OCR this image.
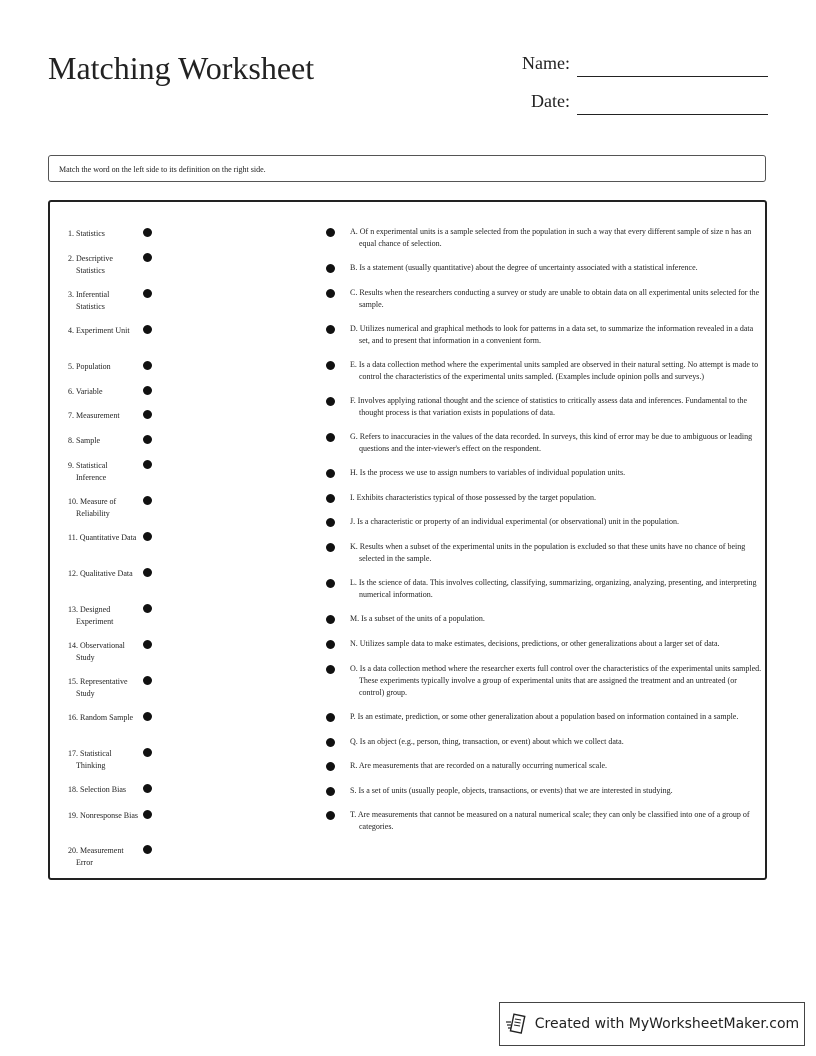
Matching Worksheet	Name:
Date:
Match the word on the left side to its definition on the right side.
1. Statistics
2. Descriptive Statistics
3. Inferential Statistics
4. Experiment Unit
5. Population
6. Variable
7. Measurement
8. Sample
9. Statistical Inference
10. Measure of Reliability
11. Quantitative Data
12. Qualitative Data
13. Designed Experiment
14. Observational Study
15. Representative Study
16. Random Sample
17. Statistical Thinking
18. Selection Bias
19. Nonresponse Bias
20. Measurement Error
A. Of n experimental units is a sample selected from the population in such a way that every different sample of size n has an equal chance of selection.
B. Is a statement (usually quantitative) about the degree of uncertainty associated with a statistical inference.
C. Results when the researchers conducting a survey or study are unable to obtain data on all experimental units selected for the sample.
D. Utilizes numerical and graphical methods to look for patterns in a data set, to summarize the information revealed in a data set, and to present that information in a convenient form.
E. Is a data collection method where the experimental units sampled are observed in their natural setting. No attempt is made to control the characteristics of the experimental units sampled. (Examples include opinion polls and surveys.)
F. Involves applying rational thought and the science of statistics to critically assess data and inferences. Fundamental to the thought process is that variation exists in populations of data.
G. Refers to inaccuracies in the values of the data recorded. In surveys, this kind of error may be due to ambiguous or leading questions and the inter-viewer's effect on the respondent.
H. Is the process we use to assign numbers to variables of individual population units.
I. Exhibits characteristics typical of those possessed by the target population.
J. Is a characteristic or property of an individual experimental (or observational) unit in the population.
K. Results when a subset of the experimental units in the population is excluded so that these units have no chance of being selected in the sample.
L. Is the science of data. This involves collecting, classifying, summarizing, organizing, analyzing, presenting, and interpreting numerical information.
M. Is a subset of the units of a population.
N. Utilizes sample data to make estimates, decisions, predictions, or other generalizations about a larger set of data.
O. Is a data collection method where the researcher exerts full control over the characteristics of the experimental units sampled. These experiments typically involve a group of experimental units that are assigned the treatment and an untreated (or control) group.
P. Is an estimate, prediction, or some other generalization about a population based on information contained in a sample.
Q. Is an object (e.g., person, thing, transaction, or event) about which we collect data.
R. Are measurements that are recorded on a naturally occurring numerical scale.
S. Is a set of units (usually people, objects, transactions, or events) that we are interested in studying.
T. Are measurements that cannot be measured on a natural numerical scale; they can only be classified into one of a group of categories.
Created with MyWorksheetMaker.com
